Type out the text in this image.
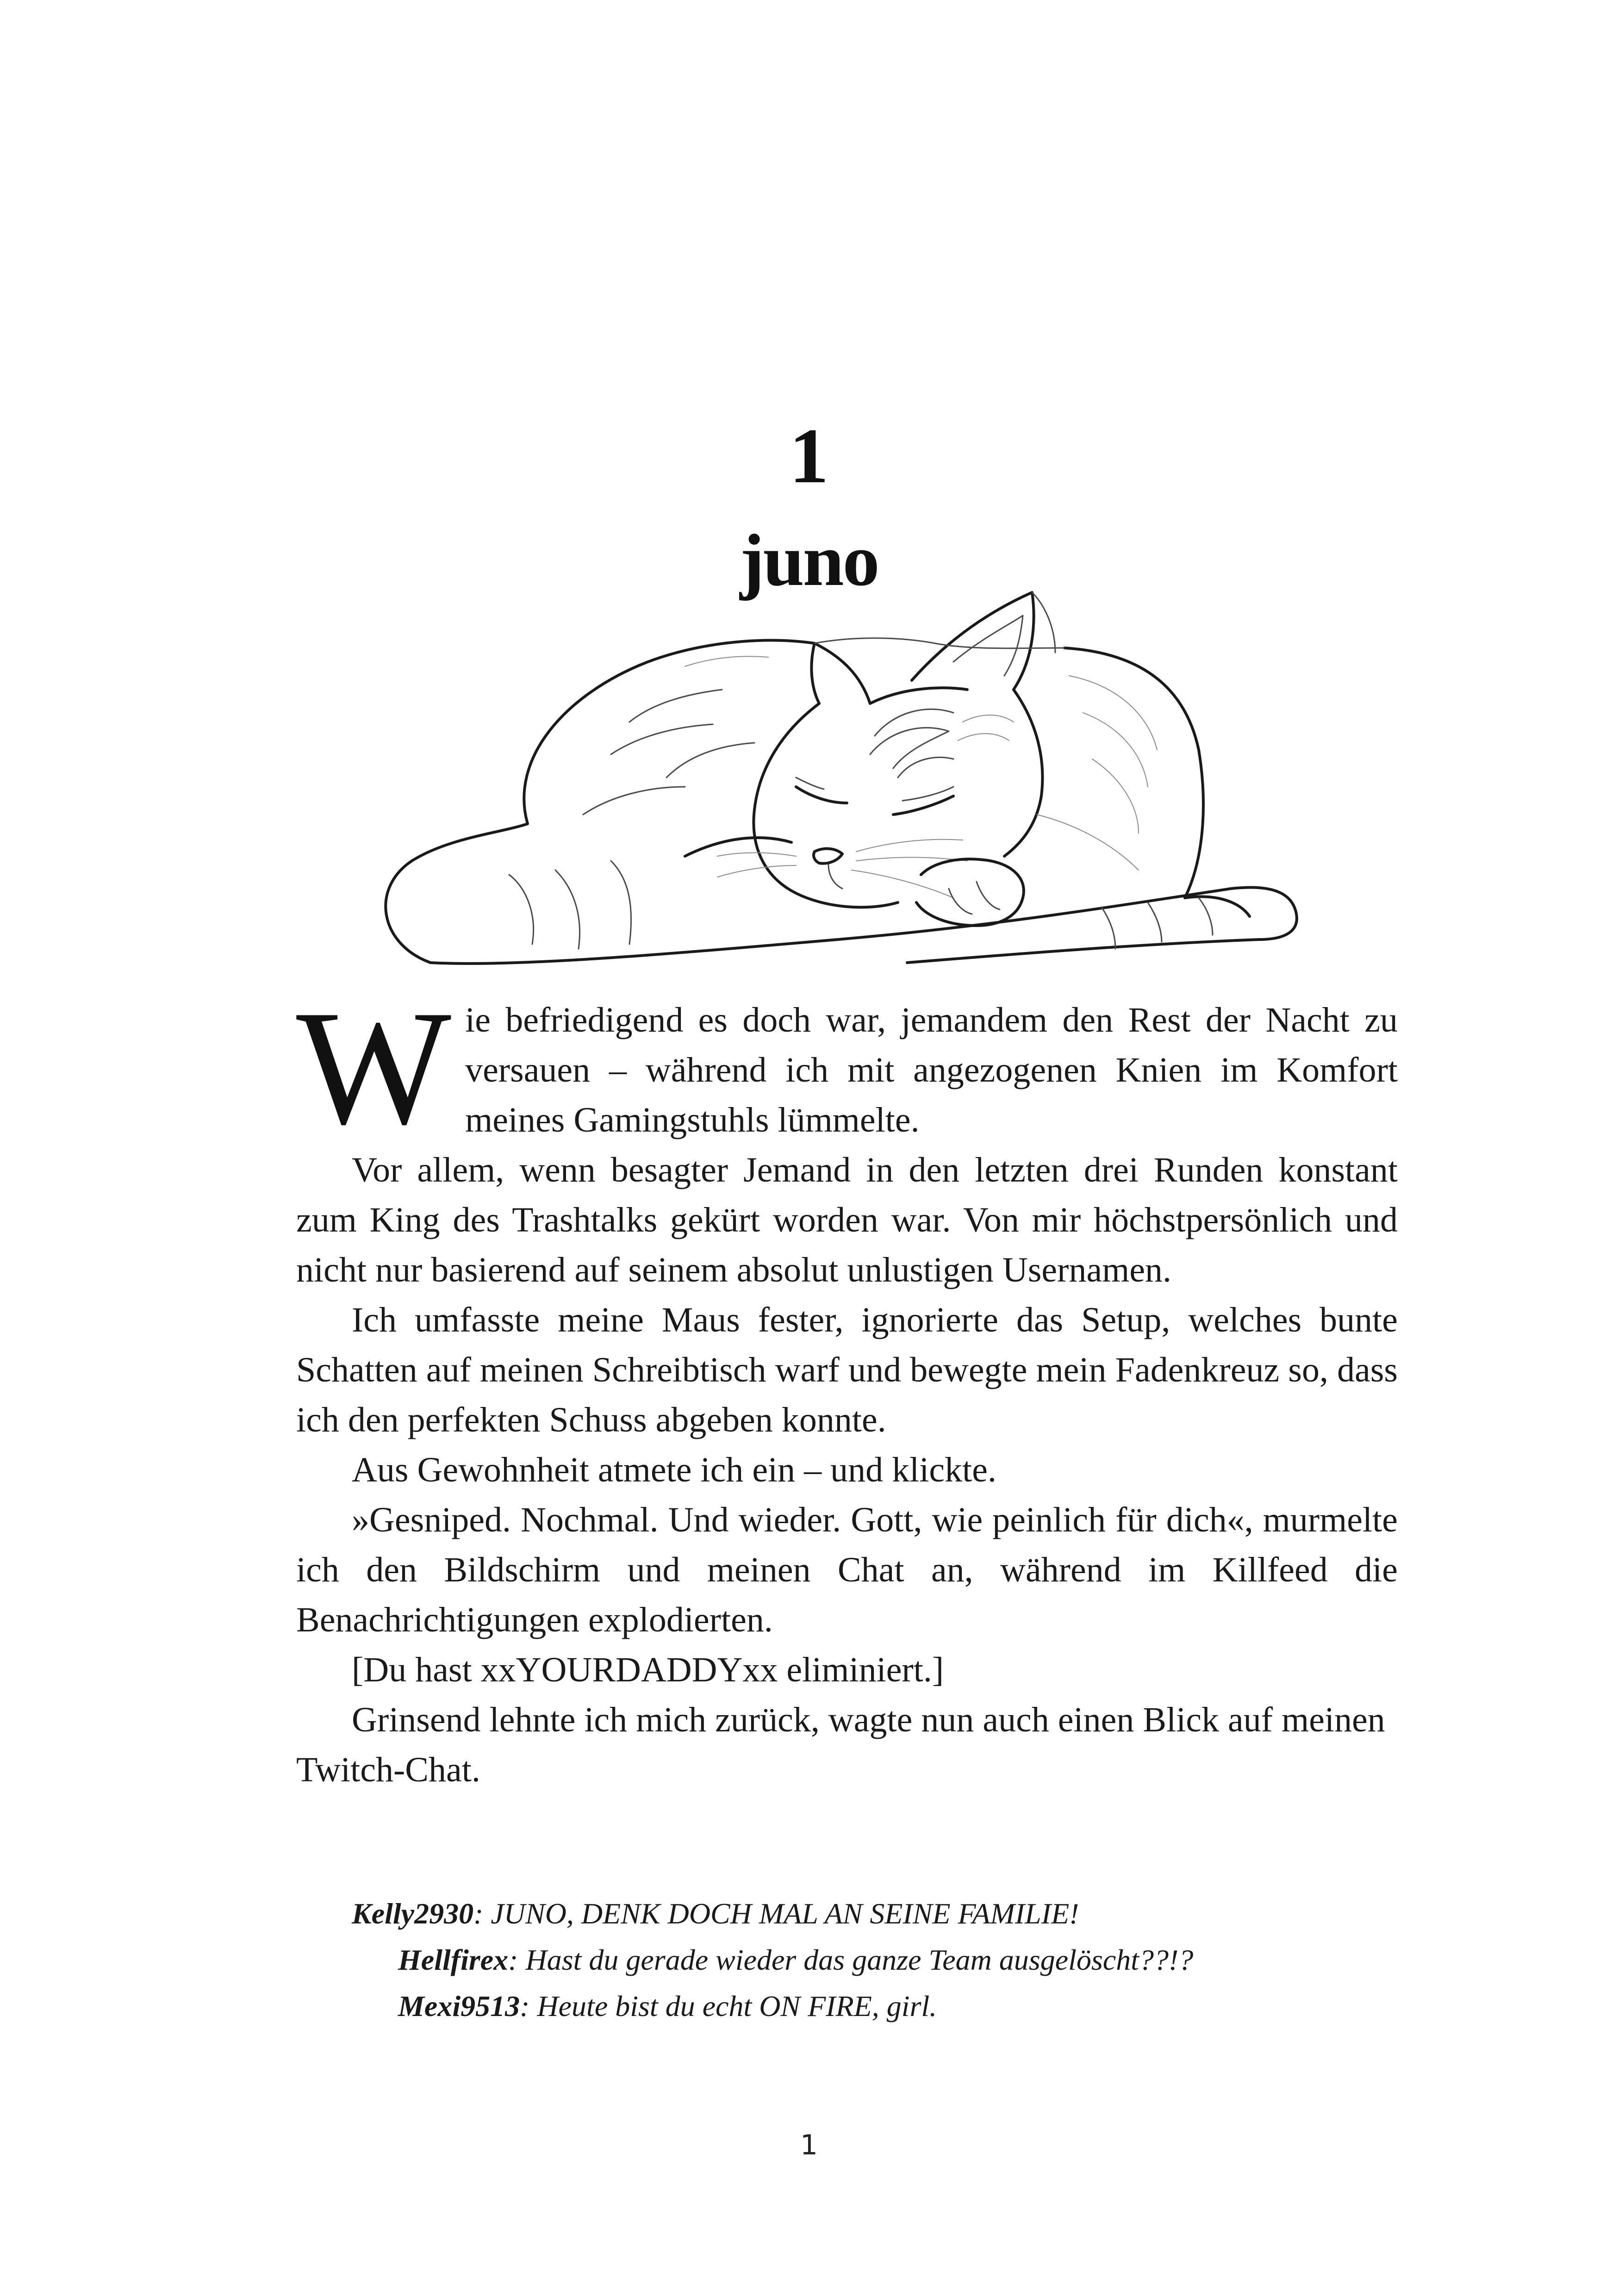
1
juno

Wie befriedigend es doch war, jemandem den Rest der Nacht zu versauen – während ich mit angezogenen Knien im Komfort meines Gamingstuhls lümmelte.

Vor allem, wenn besagter Jemand in den letzten drei Runden konstant zum King des Trashtalks gekürt worden war. Von mir höchstpersönlich und nicht nur basierend auf seinem absolut unlustigen Usernamen.

Ich umfasste meine Maus fester, ignorierte das Setup, welches bunte Schatten auf meinen Schreibtisch warf und bewegte mein Fadenkreuz so, dass ich den perfekten Schuss abgeben konnte.

Aus Gewohnheit atmete ich ein – und klickte.

»Gesniped. Nochmal. Und wieder. Gott, wie peinlich für dich«, murmelte ich den Bildschirm und meinen Chat an, während im Killfeed die Benachrichtigungen explodierten.

[Du hast xxYOURDADDYxx eliminiert.]

Grinsend lehnte ich mich zurück, wagte nun auch einen Blick auf meinen Twitch-Chat.

Kelly2930: JUNO, DENK DOCH MAL AN SEINE FAMILIE!
Hellfirex: Hast du gerade wieder das ganze Team ausgelöscht??!?
Mexi9513: Heute bist du echt ON FIRE, girl.
1
